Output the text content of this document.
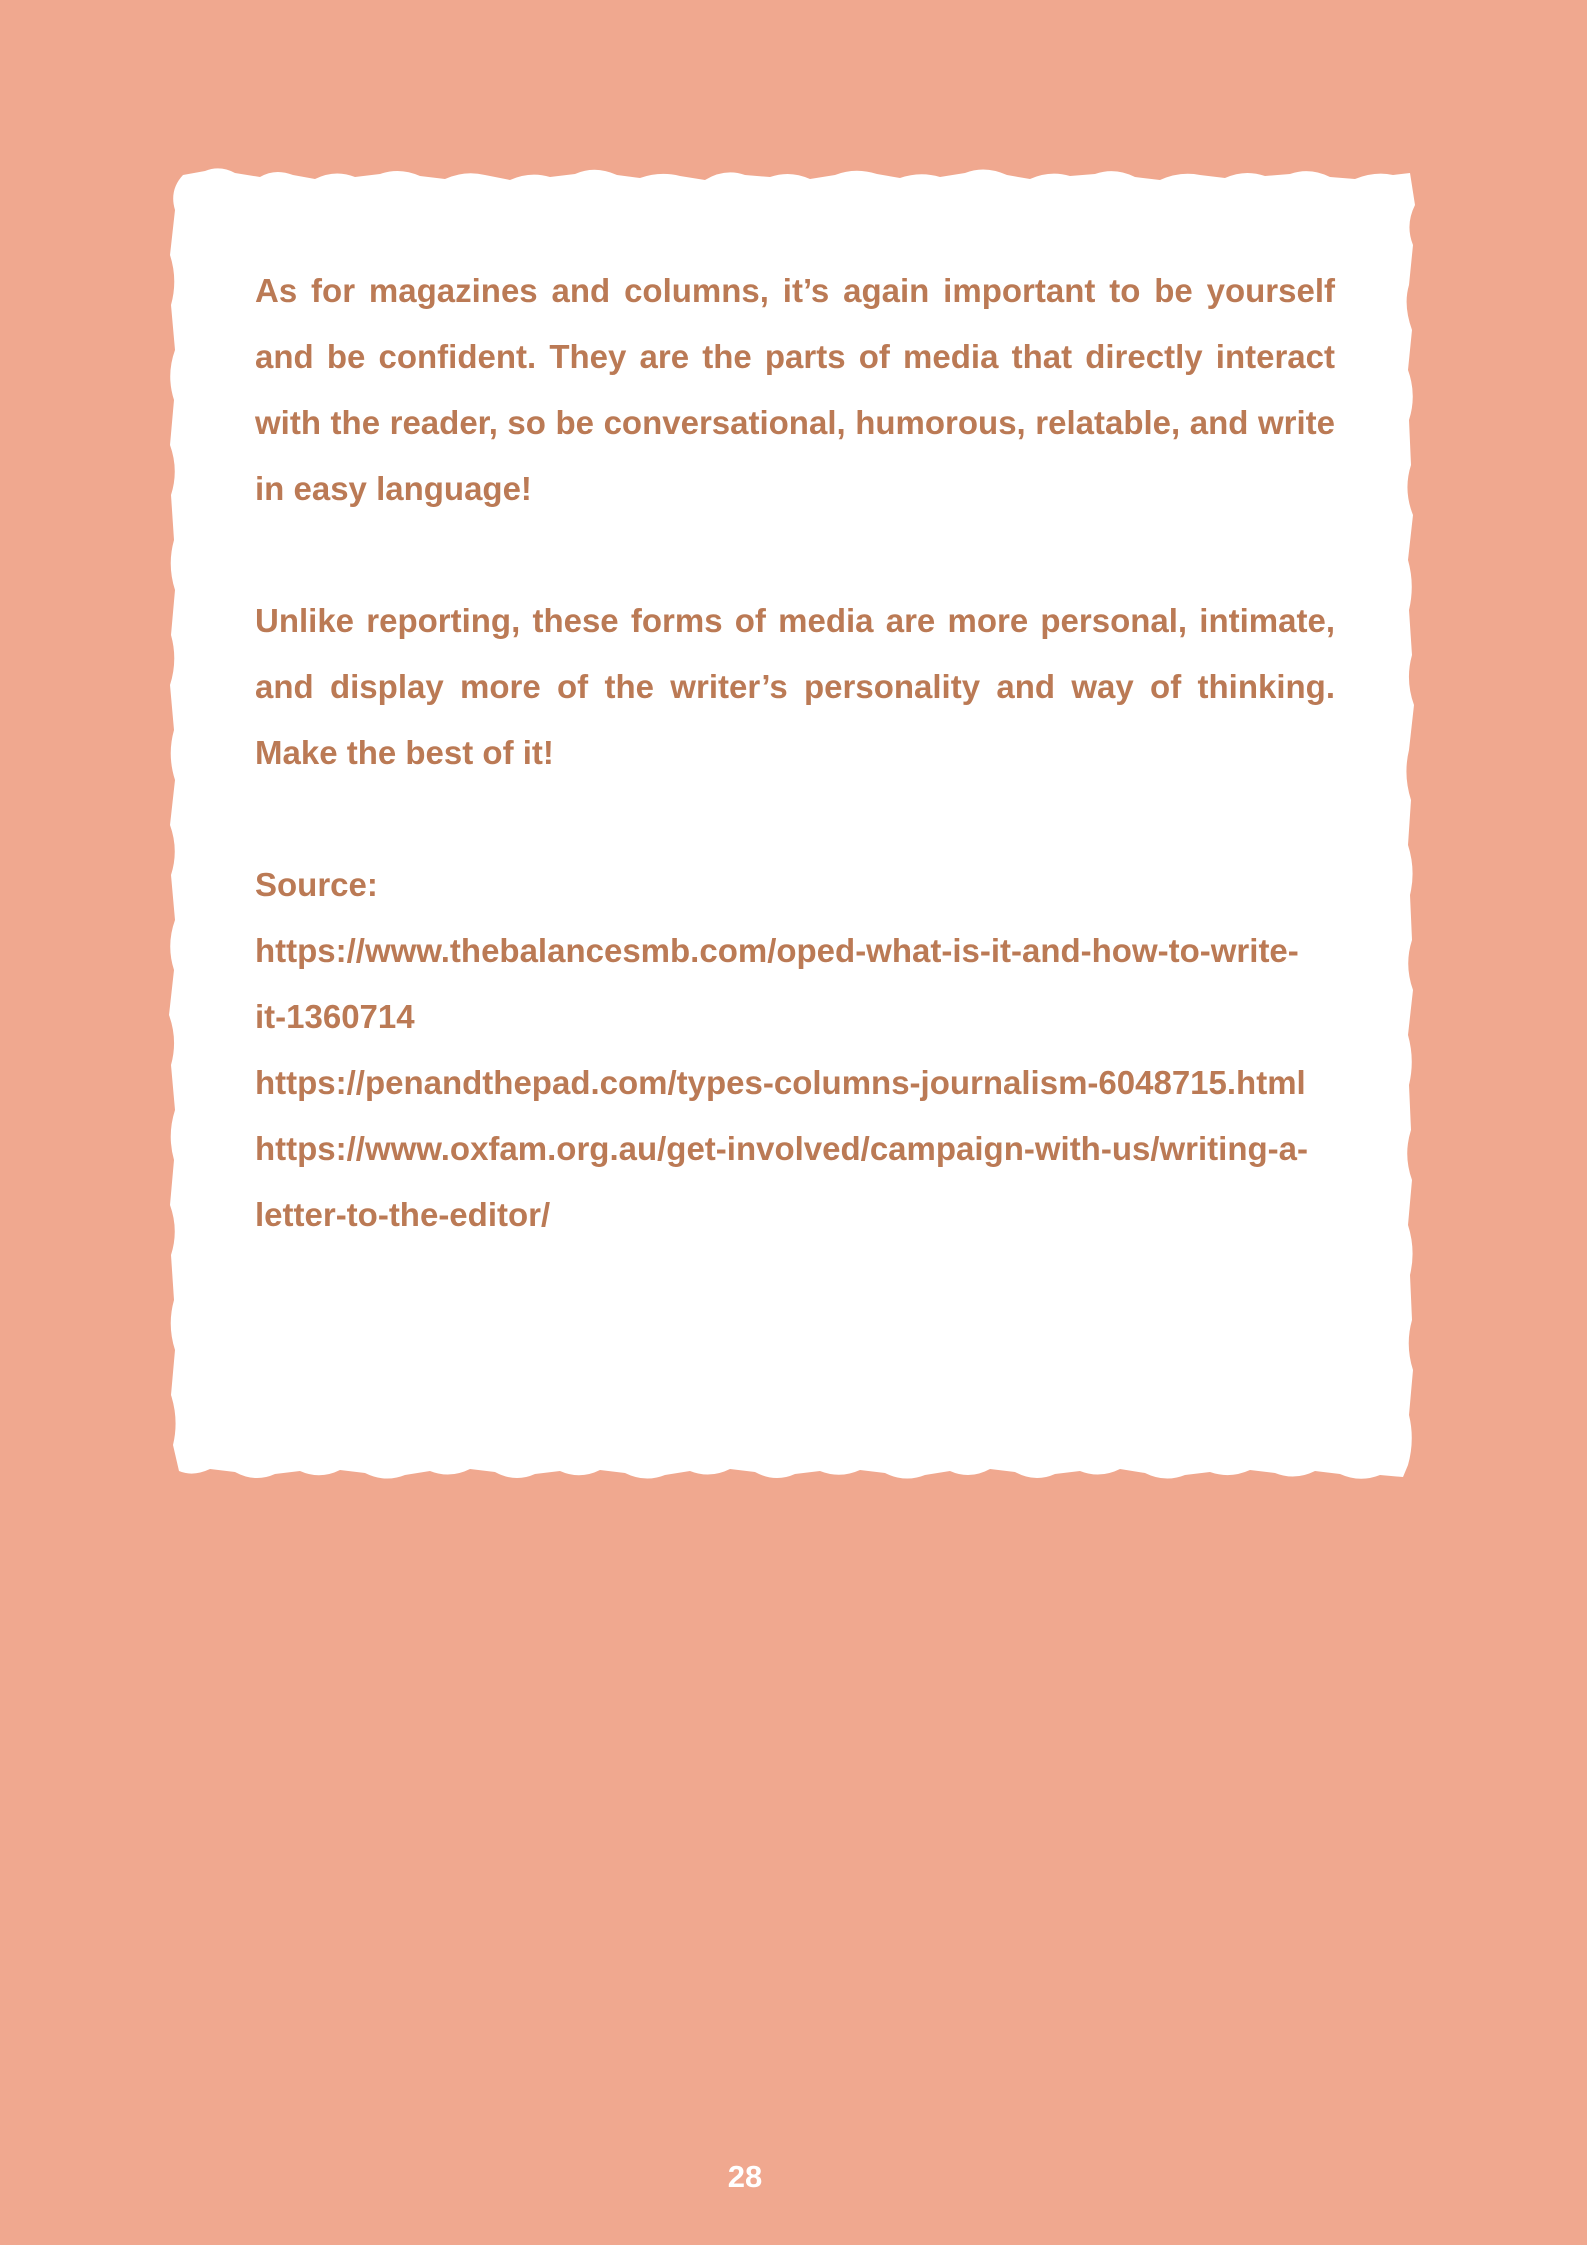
As for magazines and columns, it’s again important to be yourself and be confident. They are the parts of media that directly interact with the reader, so be conversational, humorous, relatable, and write in easy language!

Unlike reporting, these forms of media are more personal, intimate, and display more of the writer’s personality and way of thinking. Make the best of it!

Source:
https://www.thebalancesmb.com/oped-what-is-it-and-how-to-write-
it-1360714
https://penandthepad.com/types-columns-journalism-6048715.html
https://www.oxfam.org.au/get-involved/campaign-with-us/writing-a-
letter-to-the-editor/
28
